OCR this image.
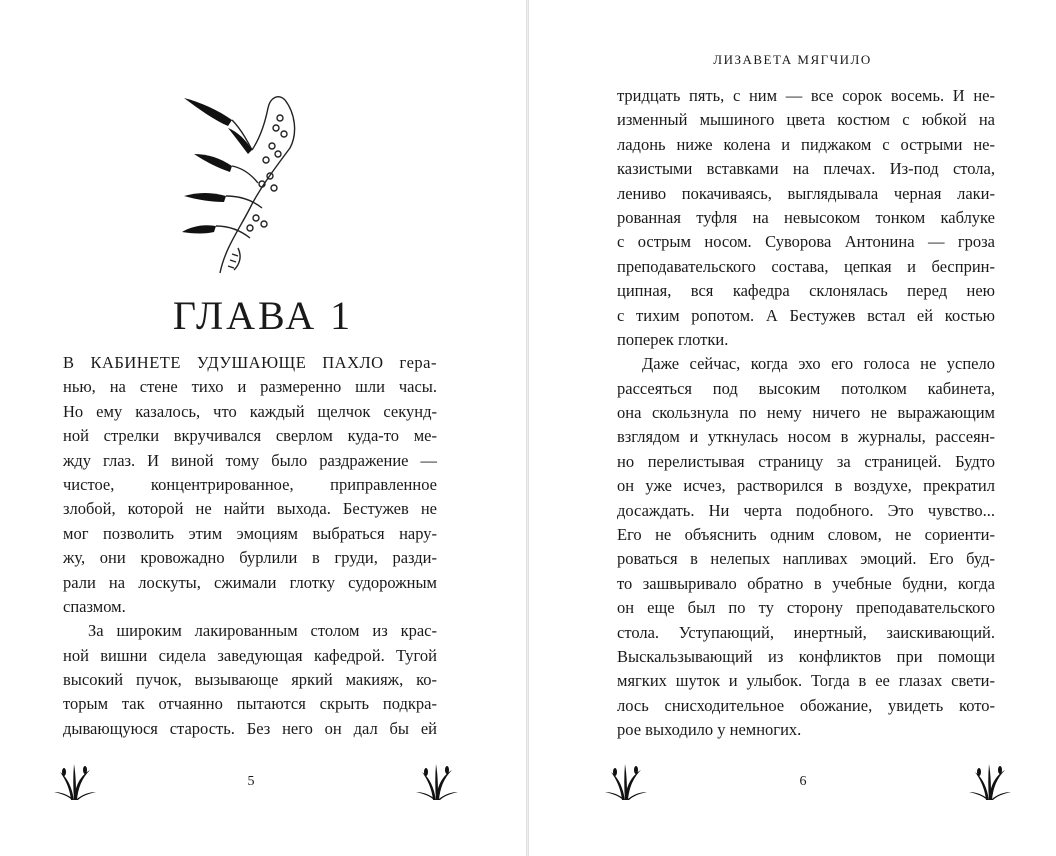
ГЛАВА 1
В КАБИНЕТЕ УДУШАЮЩЕ ПАХЛО гера-
нью, на стене тихо и размеренно шли часы.
Но ему казалось, что каждый щелчок секунд-
ной стрелки вкручивался сверлом куда-то ме-
жду глаз. И виной тому было раздражение —
чистое, концентрированное, приправленное
злобой, которой не найти выхода. Бестужев не
мог позволить этим эмоциям выбраться нару-
жу, они кровожадно бурлили в груди, разди-
рали на лоскуты, сжимали глотку судорожным
спазмом.
За широким лакированным столом из крас-
ной вишни сидела заведующая кафедрой. Тугой
высокий пучок, вызывающе яркий макияж, ко-
торым так отчаянно пытаются скрыть подкра-
дывающуюся старость. Без него он дал бы ей
5
ЛИЗАВЕТА МЯГЧИЛО
6
тридцать пять, с ним — все сорок восемь. И не-
изменный мышиного цвета костюм с юбкой на
ладонь ниже колена и пиджаком с острыми не-
казистыми вставками на плечах. Из-под стола,
лениво покачиваясь, выглядывала черная лаки-
рованная туфля на невысоком тонком каблуке
с острым носом. Суворова Антонина — гроза
преподавательского состава, цепкая и бесприн-
ципная, вся кафедра склонялась перед нею
с тихим ропотом. А Бестужев встал ей костью
поперек глотки.
Даже сейчас, когда эхо его голоса не успело
рассеяться под высоким потолком кабинета,
она скользнула по нему ничего не выражающим
взглядом и уткнулась носом в журналы, рассеян-
но перелистывая страницу за страницей. Будто
он уже исчез, растворился в воздухе, прекратил
досаждать. Ни черта подобного. Это чувство...
Его не объяснить одним словом, не сориенти-
роваться в нелепых напливах эмоций. Его буд-
то зашвыривало обратно в учебные будни, когда
он еще был по ту сторону преподавательского
стола. Уступающий, инертный, заискивающий.
Выскальзывающий из конфликтов при помощи
мягких шуток и улыбок. Тогда в ее глазах свети-
лось снисходительное обожание, увидеть кото-
рое выходило у немногих.
